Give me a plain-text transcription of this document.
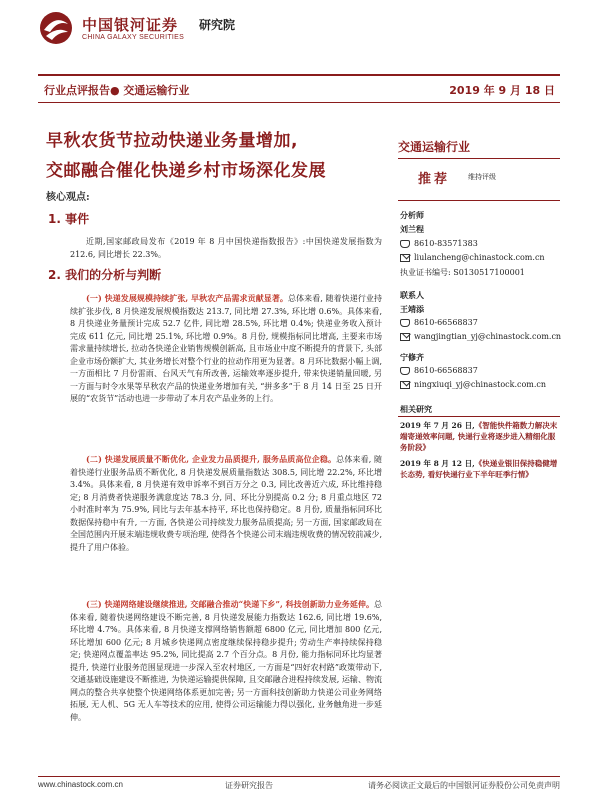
中国银河证券
CHINA GALAXY SECURITIES
研究院
行业点评报告● 交通运输行业	2019 年 9 月 18 日
早秋农货节拉动快递业务量增加,
交邮融合催化快递乡村市场深化发展
核心观点:
1. 事件
近期,国家邮政局发布《2019 年 8 月中国快递指数报告》:中国快递发展指数为 212.6, 同比增长 22.3%。
2. 我们的分析与判断

(一) 快递发展规模持续扩张, 早秋农产品需求贡献显著。总体来看, 随着快递行业持续扩张步伐, 8 月快递发展规模指数达 213.7, 同比增 27.3%, 环比增 0.6%。具体来看, 8 月快递业务量预计完成 52.7 亿件, 同比增 28.5%, 环比增 0.4%; 快递业务收入预计完成 611 亿元, 同比增 25.1%, 环比增 0.9%。8 月份, 规模指标同比增高, 主要来市场需求量持续增长, 拉动各快递企业销售规模创新高, 且市场业中度不断提升的背景下, 头部企业市场份额扩大, 其业务增长对整个行业的拉动作用更为显著。8 月环比数据小幅上调, 一方面相比 7 月份雷雨、台风天气有所改善, 运输效率逐步提升, 带来快递销量回暖, 另一方面与时令水果等早秋农产品的快递业务增加有关, “拼多多”于 8 月 14 日至 25 日开展的“农货节”活动也进一步带动了本月农产品业务的上行。

(二) 快递发展质量不断优化, 企业发力品质提升, 服务品质高位企稳。总体来看, 随着快递行业服务品质不断优化, 8 月快递发展质量指数达 308.5, 同比增 22.2%, 环比增 3.4%。具体来看, 8 月快递有效申诉率不到百万分之 0.3, 同比改善近六成, 环比维持稳定; 8 月消费者快递服务满意度达 78.3 分, 同、环比分别提高 0.2 分; 8 月重点地区 72 小时准时率为 75.9%, 同比与去年基本持平, 环比也保持稳定。8 月份, 质量指标同环比数据保持稳中有升, 一方面, 各快递公司持续发力服务品质提高; 另一方面, 国家邮政局在全国范围内开展末端违规收费专项治理, 使得各个快递公司末端违规收费的情况较前减少, 提升了用户体验。

(三) 快递网络建设继续推进, 交邮融合推动“快递下乡”, 科技创新助力业务延伸。总体来看, 随着快递网络建设不断完善, 8 月快递发展能力指数达 162.6, 同比增 19.6%, 环比增 4.7%。具体来看, 8 月快递支撑网络销售额超 6800 亿元, 同比增加 800 亿元, 环比增加 600 亿元; 8 月城乡快递网点密度继续保持稳步提升; 劳动生产率持续保持稳定; 快递网点覆盖率达 95.2%, 同比提高 2.7 个百分点。8 月份, 能力指标同环比均显著提升, 快递行业服务范围显现进一步深入至农村地区, 一方面是“四好农村路”政策带动下, 交通基础设施建设不断推进, 为快递运输提供保障, 且交邮融合进程持续发展, 运输、物流网点的整合共享使整个快递网络体系更加完善; 另一方面科技创新助力快递公司业务网络拓展, 无人机、5G 无人车等技术的应用, 使得公司运输能力得以强化, 业务触角进一步延伸。

交通运输行业
推荐	维持评级
分析师
刘兰程
8610-83571383
liulancheng@chinastock.com.cn
执业证书编号: S0130517100001
联系人
王靖添
8610-66568837
wangjingtian_yj@chinastock.com.cn
宁修齐
8610-66568837
ningxiuqi_yj@chinastock.com.cn
相关研究
2019 年 7 月 26 日,《智能快件箱数力解决末端寄递效率问题, 快递行业将逐步进入精细化服务阶段》
2019 年 8 月 12 日,《快递业银旧保持稳健增长态势, 看好快递行业下半年旺季行情》
www.chinastock.com.cn	证券研究报告	请务必阅读正文最后的中国银河证券股份公司免责声明
